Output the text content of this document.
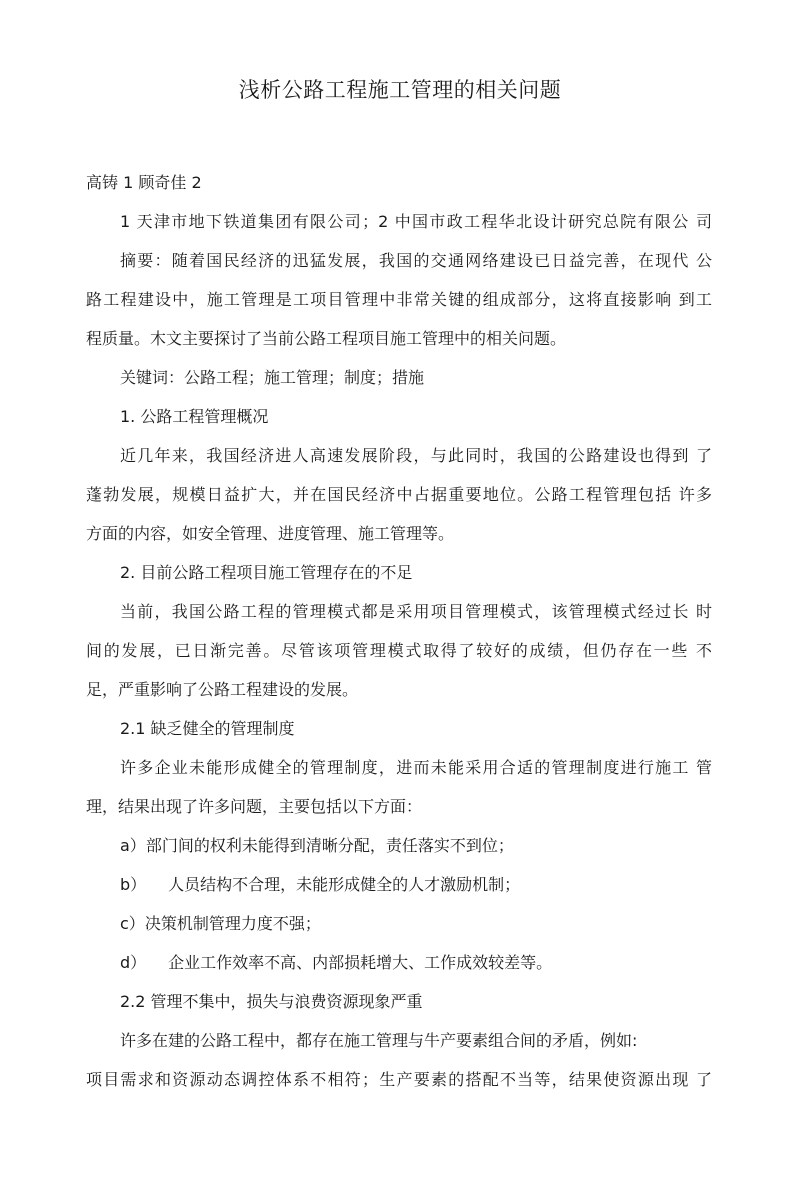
浅析公路工程施工管理的相关问题

高铸 1 顾奇佳 2

1 天津市地下铁道集团有限公司；2 中国市政工程华北设计研究总院有限公 司

摘要：随着国民经济的迅猛发展，我国的交通网络建设已日益完善，在现代 公

路工程建设中，施工管理是工项目管理中非常关键的组成部分，这将直接影响 到工

程质量。木文主要探讨了当前公路工程项目施工管理中的相关问题。

关键词：公路工程；施工管理；制度；措施

1. 公路工程管理概况

近几年来，我国经济进人高速发展阶段，与此同时，我国的公路建设也得到 了

蓬勃发展，规模日益扩大，并在国民经济中占据重要地位。公路工程管理包括 许多

方面的内容，如安全管理、进度管理、施工管理等。

2. 目前公路工程项目施工管理存在的不足

当前，我国公路工程的管理模式都是采用项目管理模式，该管理模式经过长 时

间的发展，已日渐完善。尽管该项管理模式取得了较好的成绩，但仍存在一些 不

足，严重影响了公路工程建设的发展。

2.1 缺乏健全的管理制度

许多企业未能形成健全的管理制度，进而未能采用合适的管理制度进行施工 管

理，结果出现了许多问题，主要包括以下方面：

a）部门间的权利未能得到清晰分配，责任落实不到位；

b） 人员结构不合理，未能形成健全的人才激励机制；

c）决策机制管理力度不强；

d） 企业工作效率不高、内部损耗增大、工作成效较差等。

2.2 管理不集中，损失与浪费资源现象严重

许多在建的公路工程中，都存在施工管理与牛产要素组合间的矛盾，例如:

项目需求和资源动态调控体系不相符；生产要素的搭配不当等，结果使资源出现 了
